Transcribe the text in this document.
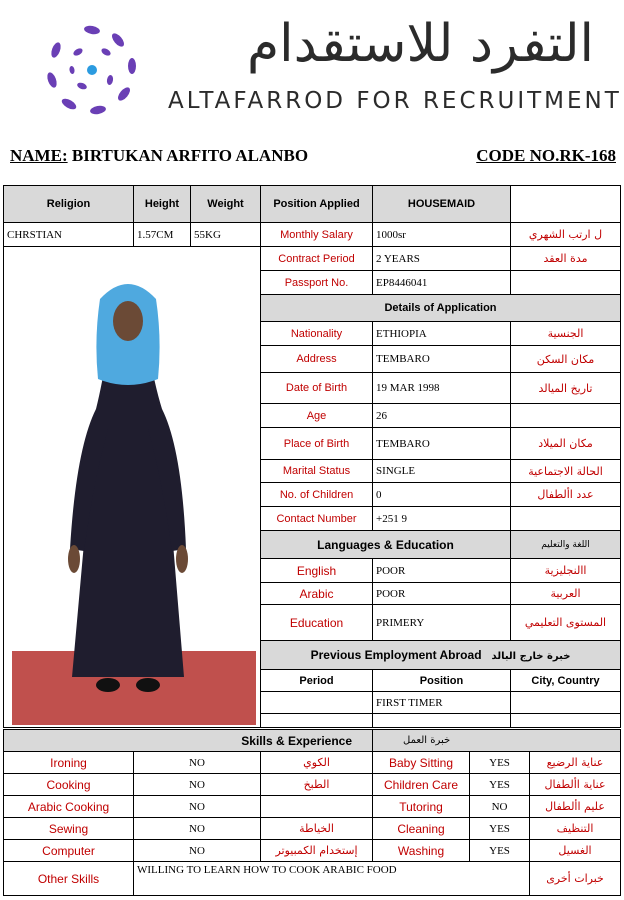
التفرد للاستقدام
ALTAFARROD FOR RECRUITMENT
NAME: BIRTUKAN ARFITO ALANBO	CODE NO.RK-168
Religion	Height	Weight	Position Applied	HOUSEMAID	
CHRSTIAN	1.57CM	55KG	Monthly Salary	1000sr	ل ارتب الشهري

	Contract Period	2 YEARS	مدة العقد
			Passport No.	EP8446041	
			Details of Application		
			Nationality	ETHIOPIA	الجنسية
			Address	TEMBARO	مكان السكن
			Date of Birth	19 MAR 1998	تاريخ الميالد
			Age	26	
			Place of Birth	TEMBARO	مكان الميلاد
			Marital Status	SINGLE	الحالة الاجتماعية
			No. of Children	0	عدد األطفال
			Contact Number	+251 9	
			Languages & Education		اللغة والتعليم
			English	POOR	االنجليزية
			Arabic	POOR	العربية
			Education	PRIMERY	المستوى التعليمي
			Previous Employment Abroad خبرة خارج البالد		
			Period	Position	City, Country
				FIRST TIMER	

Skills & Experience			خبرة العمل		
Ironing	NO	الكوي	Baby Sitting	YES	عناية الرضيع
Cooking	NO	الطبخ	Children Care	YES	عناية األطفال
Arabic Cooking	NO		Tutoring	NO	عليم األطفال
Sewing	NO	الخياطة	Cleaning	YES	التنظيف
Computer	NO	إستخدام الكمبيوتر	Washing	YES	الغسيل
Other Skills	WILLING TO LEARN HOW TO COOK ARABIC FOOD				خبرات أخرى
